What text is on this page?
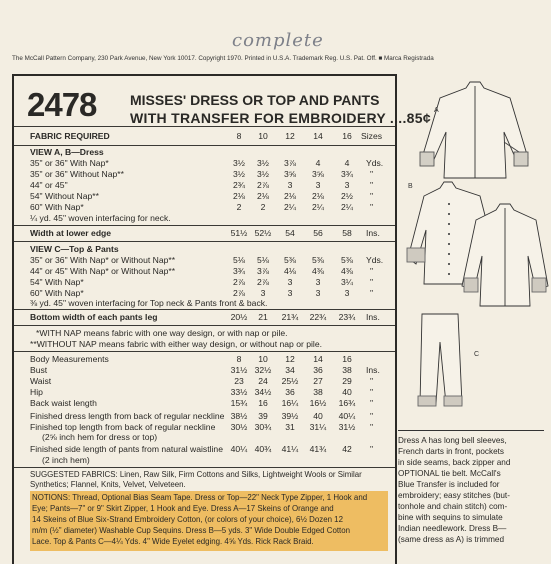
complete
The McCall Pattern Company, 230 Park Avenue, New York 10017. Copyright 1970. Printed in U.S.A. Trademark Reg. U.S. Pat. Off. ■ Marca Registrada
2478 MISSES' DRESS OR TOP AND PANTS
WITH TRANSFER FOR EMBROIDERY ....85¢
FABRIC REQUIRED	8	10	12	14	16	Sizes
VIEW A, B—Dress
35" or 36" With Nap*	3½	3½	3⅞	4	4	Yds.
35" or 36" Without Nap**	3½	3½	3⅝	3⅝	3¾	"
44" or 45"	2¾	2⅞	3	3	3	"
54" Without Nap**	2⅛	2⅛	2⅛	2⅛	2½	"
60" With Nap*	2	2	2¼	2¼	2¼	"
¼ yd. 45" woven interfacing for neck.
Width at lower edge	51½ 52½	54	56	58	Ins.
VIEW C—Top & Pants
35" or 36" With Nap* or Without Nap**	5⅛	5⅛	5⅜	5⅜	5⅜	Yds.
44" or 45" With Nap* or Without Nap**	3¾	3⅞	4⅛	4⅜	4⅜	"
54" With Nap*	2⅞	2⅞	3	3	3¼	"
60" With Nap*	2⅞	3	3	3	3	"
⅜ yd. 45" woven interfacing for Top neck & Pants front & back.
Bottom width of each pants leg	20½	21	21¾	22¾	23¾	Ins.
*WITH NAP means fabric with one way design, or with nap or pile.
**WITHOUT NAP means fabric with either way design, or without nap or pile.
Body Measurements	8	10	12	14	16
Bust	31½ 32½	34	36	38	Ins.
Waist	23	24	25½	27	29	"
Hip	33½ 34½	36	38	40	"
Back waist length	15¾	16	16¼	16½	16¾	"
Finished dress length from back of regular neckline 38½	39	39½	40	40¼	"
Finished top length from back of regular neckline	30½ 30¾	31	31¼	31½	"
(2⅝ inch hem for dress or top)
Finished side length of pants from natural waistline 40¼ 40¾	41¼	41¾	42	"
(2 inch hem)
SUGGESTED FABRICS: Linen, Raw Silk, Firm Cottons and Silks, Lightweight Wools or Similar
Synthetics; Flannel, Knits, Velvet, Velveteen.
NOTIONS: Thread, Optional Bias Seam Tape. Dress or Top—22" Neck Type Zipper, 1 Hook and
Eye; Pants—7" or 9" Skirt Zipper, 1 Hook and Eye. Dress A—17 Skeins of Orange and
14 Skeins of Blue Six-Strand Embroidery Cotton, (or colors of your choice), 6½ Dozen 12
m/m (½" diameter) Washable Cup Sequins. Dress B—5 yds. 3" Wide Double Edged Cotton
Lace. Top & Pants C—4¼ Yds. 4" Wide Eyelet edging. 4⅝ Yds. Rick Rack Braid.
A
B
C
Dress A has long bell sleeves,
French darts in front, pockets
in side seams, back zipper and
OPTIONAL tie belt. McCall's
Blue Transfer is included for
embroidery; easy stitches (but-
tonhole and chain stitch) com-
bine with sequins to simulate
Indian needlework. Dress B—
(same dress as A) is trimmed
